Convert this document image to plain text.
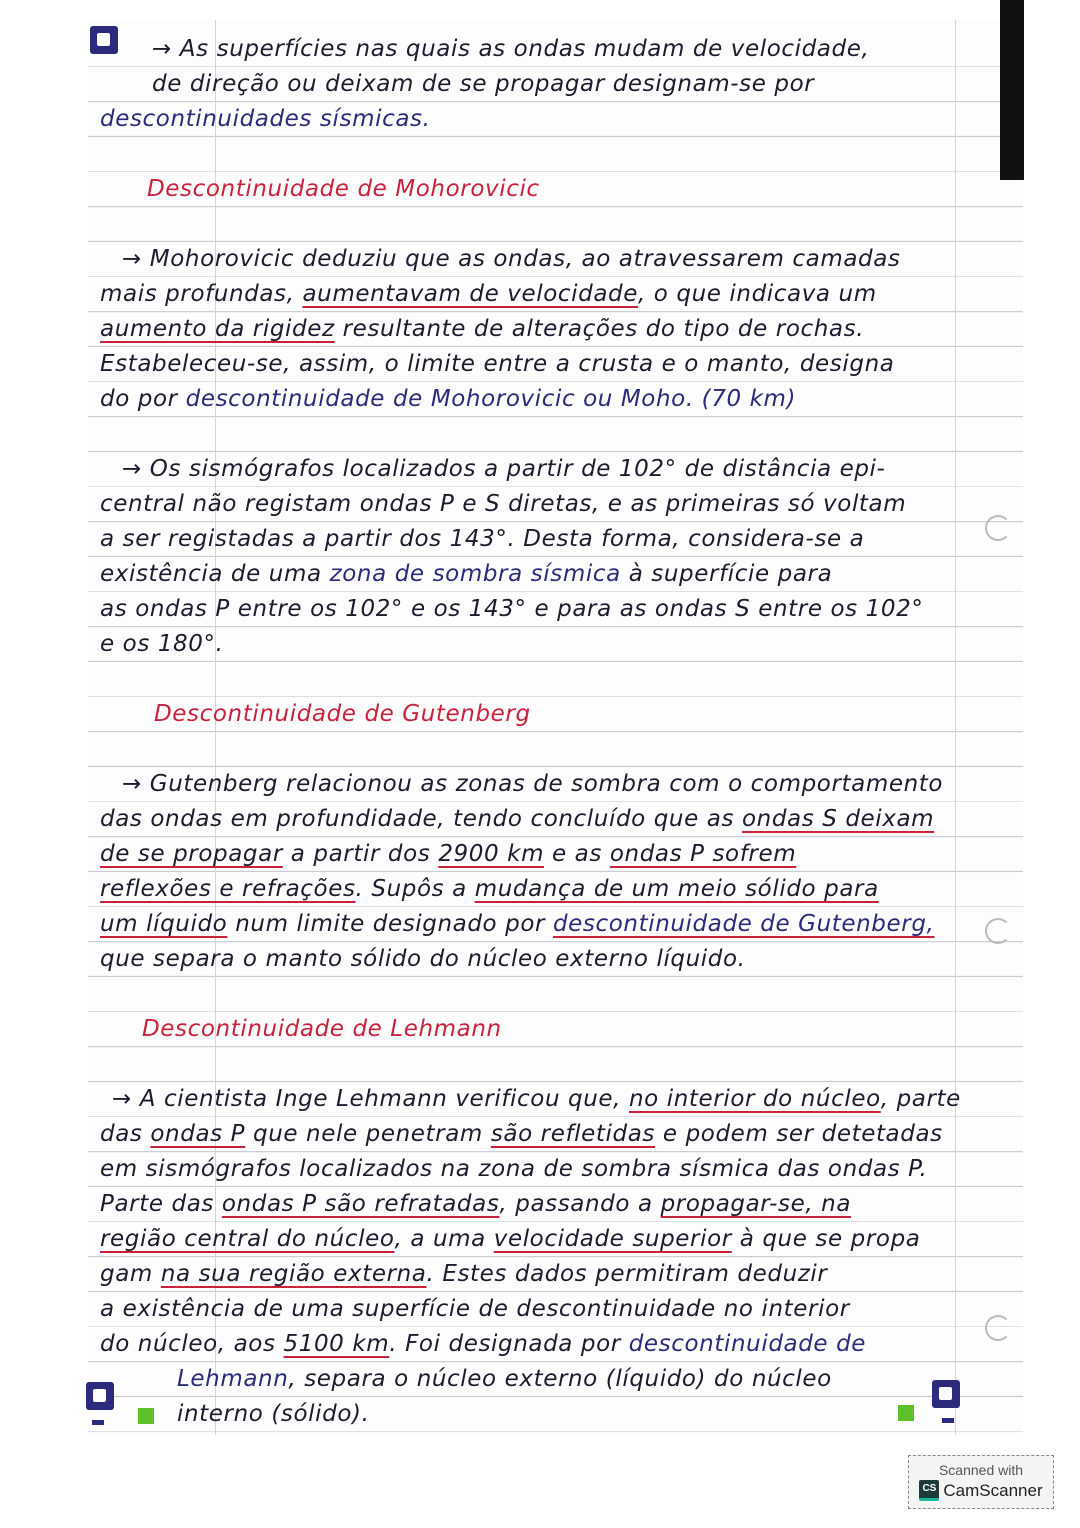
→ As superfícies nas quais as ondas mudam de velocidade,
de direção ou deixam de se propagar designam-se por
descontinuidades sísmicas.
Descontinuidade de Mohorovicic
→ Mohorovicic deduziu que as ondas, ao atravessarem camadas
mais profundas, aumentavam de velocidade, o que indicava um
aumento da rigidez resultante de alterações do tipo de rochas.
Estabeleceu-se, assim, o limite entre a crusta e o manto, designa
do por descontinuidade de Mohorovicic ou Moho. (70 km)
→ Os sismógrafos localizados a partir de 102° de distância epi-
central não registam ondas P e S diretas, e as primeiras só voltam
a ser registadas a partir dos 143°. Desta forma, considera-se a
existência de uma zona de sombra sísmica à superfície para
as ondas P entre os 102° e os 143° e para as ondas S entre os 102°
e os 180°.
Descontinuidade de Gutenberg
→ Gutenberg relacionou as zonas de sombra com o comportamento
das ondas em profundidade, tendo concluído que as ondas S deixam
de se propagar a partir dos 2900 km e as ondas P sofrem
reflexões e refrações. Supôs a mudança de um meio sólido para
um líquido num limite designado por descontinuidade de Gutenberg,
que separa o manto sólido do núcleo externo líquido.
Descontinuidade de Lehmann
→ A cientista Inge Lehmann verificou que, no interior do núcleo, parte
das ondas P que nele penetram são refletidas e podem ser detetadas
em sismógrafos localizados na zona de sombra sísmica das ondas P.
Parte das ondas P são refratadas, passando a propagar-se, na
região central do núcleo, a uma velocidade superior à que se propa
gam na sua região externa. Estes dados permitiram deduzir
a existência de uma superfície de descontinuidade no interior
do núcleo, aos 5100 km. Foi designada por descontinuidade de
Lehmann, separa o núcleo externo (líquido) do núcleo
interno (sólido).
Scanned with
CS CamScanner
